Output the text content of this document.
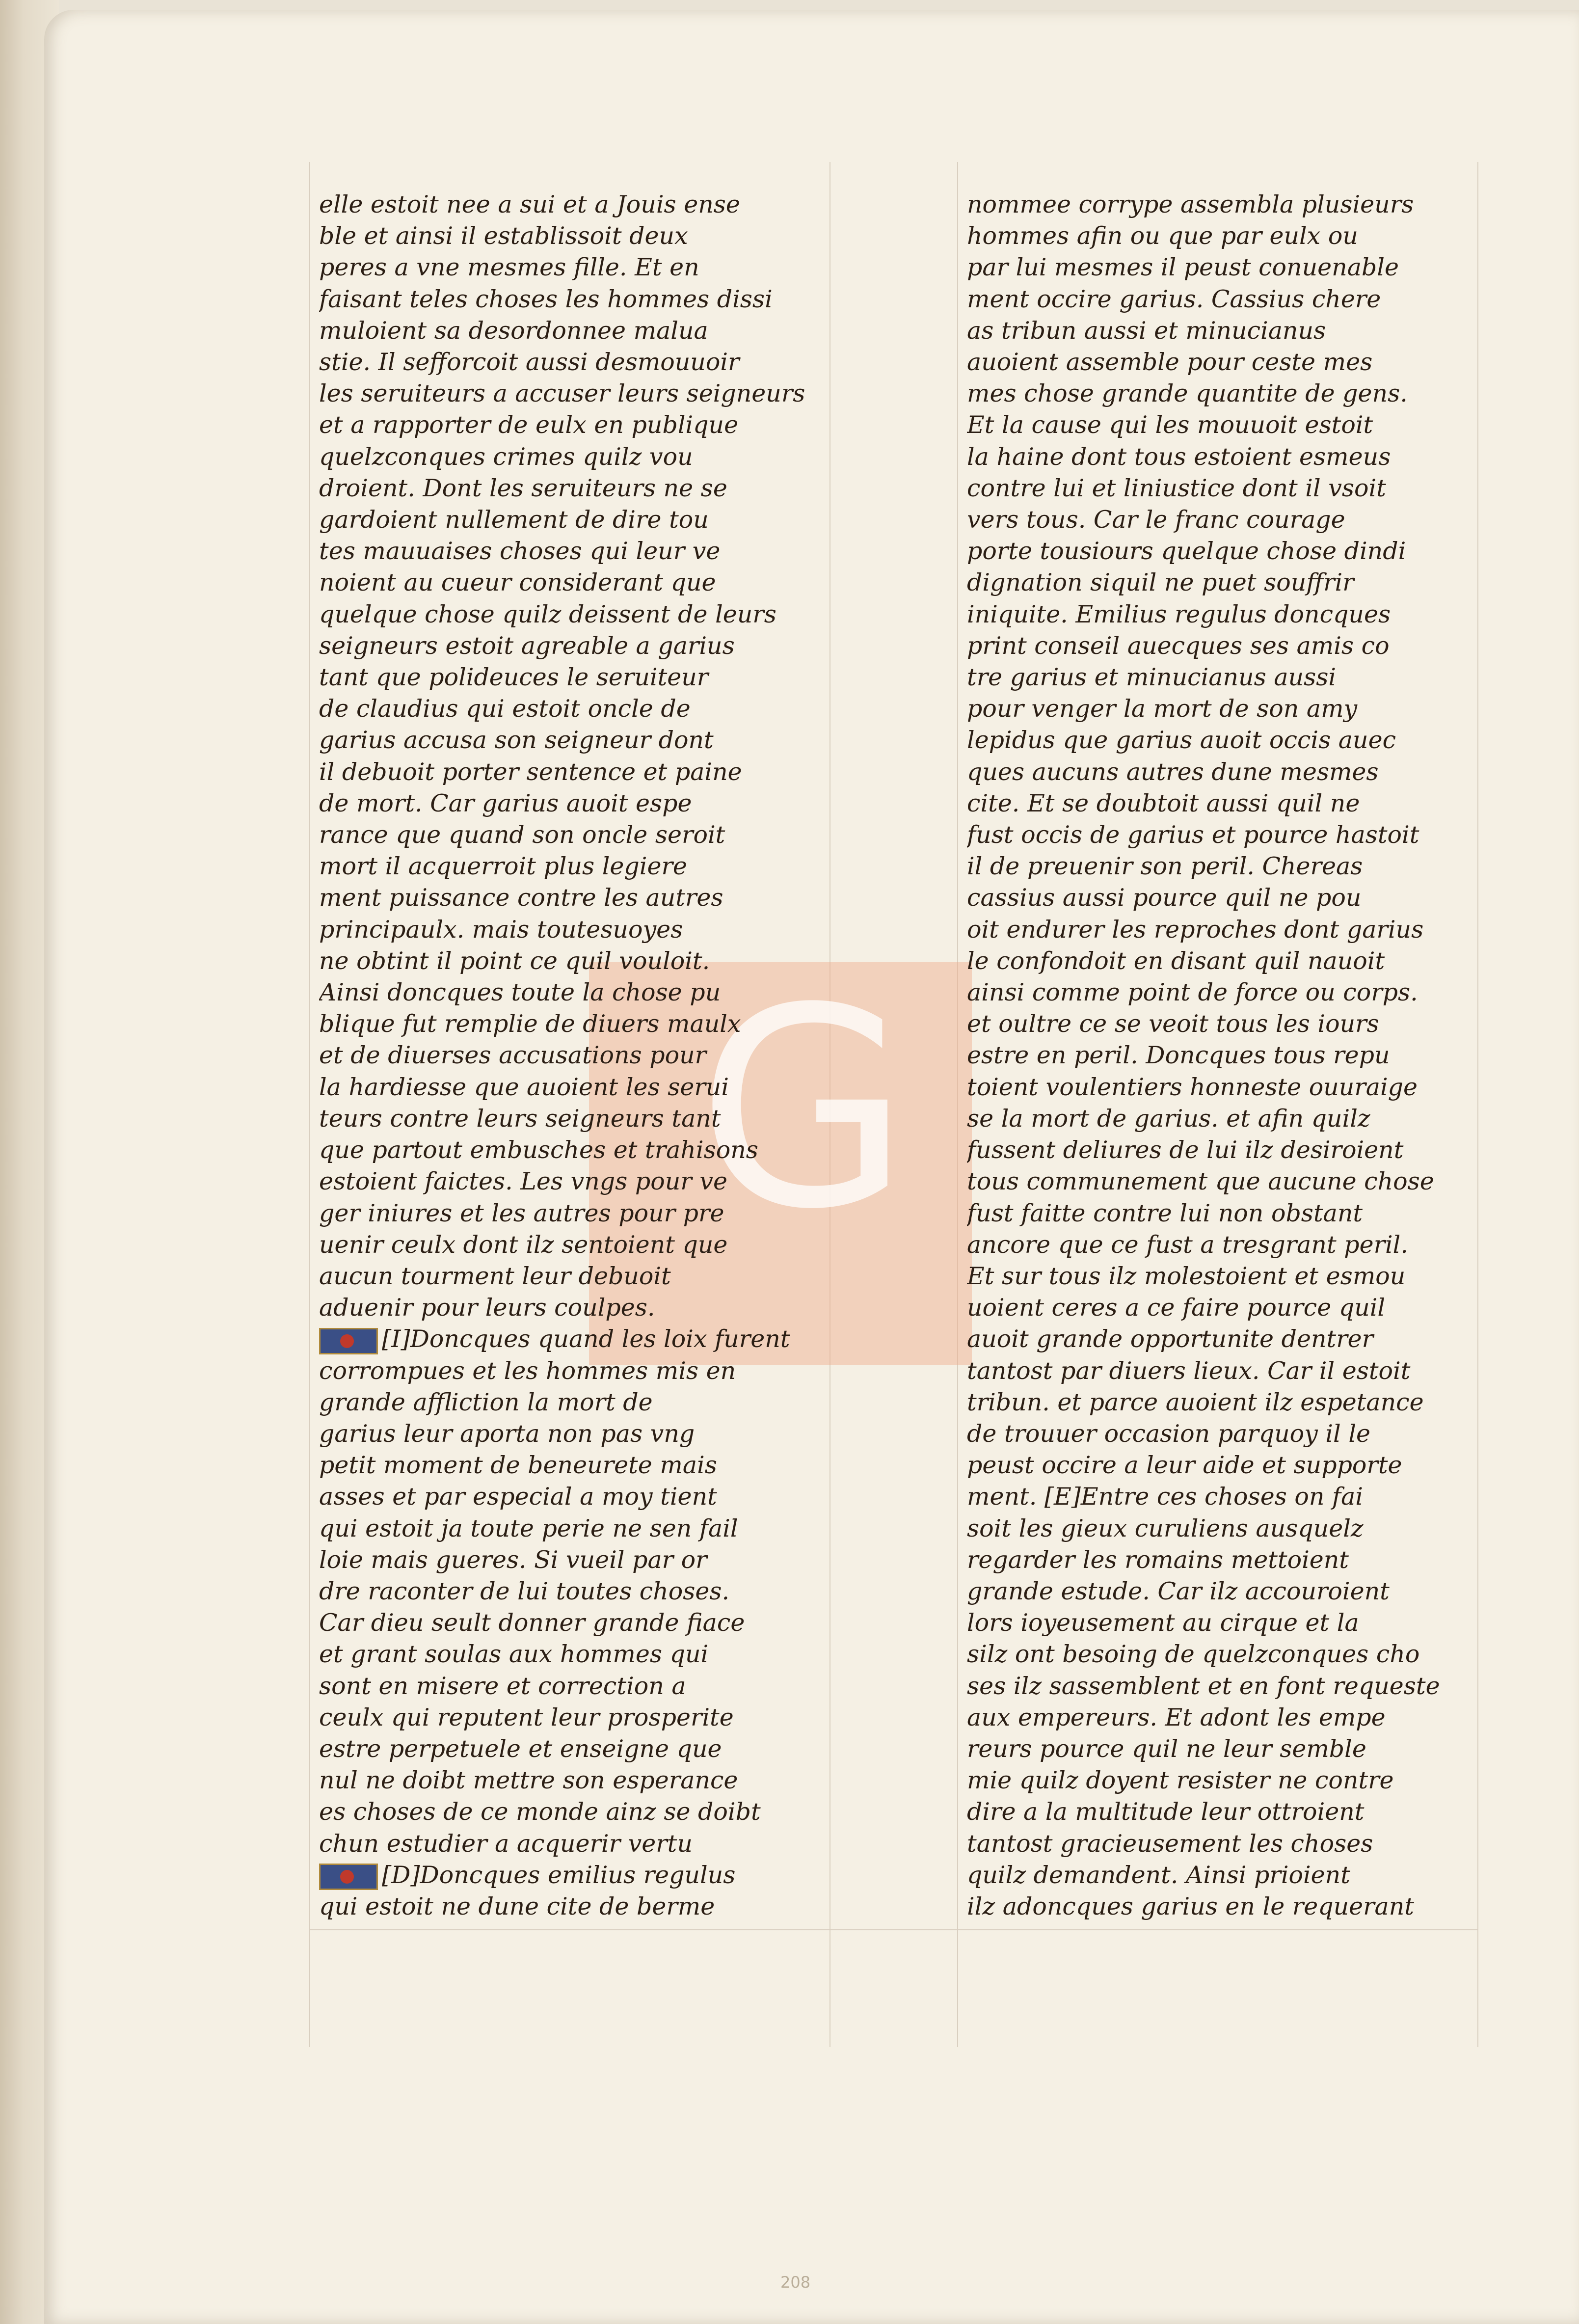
G
elle estoit nee a sui et a Jouis ense
ble et ainsi il establissoit deux
peres a vne mesmes fille. Et en
faisant teles choses les hommes dissi
muloient sa desordonnee malua
stie. Il sefforcoit aussi desmouuoir
les seruiteurs a accuser leurs seigneurs
et a rapporter de eulx en publique
quelzconques crimes quilz vou
droient. Dont les seruiteurs ne se
gardoient nullement de dire tou
tes mauuaises choses qui leur ve
noient au cueur considerant que
quelque chose quilz deissent de leurs
seigneurs estoit agreable a garius
tant que polideuces le seruiteur
de claudius qui estoit oncle de
garius accusa son seigneur dont
il debuoit porter sentence et paine
de mort. Car garius auoit espe
rance que quand son oncle seroit
mort il acquerroit plus legiere
ment puissance contre les autres
principaulx. mais toutesuoyes
ne obtint il point ce quil vouloit.
Ainsi doncques toute la chose pu
blique fut remplie de diuers maulx
et de diuerses accusations pour
la hardiesse que auoient les serui
teurs contre leurs seigneurs tant
que partout embusches et trahisons
estoient faictes. Les vngs pour ve
ger iniures et les autres pour pre
uenir ceulx dont ilz sentoient que
aucun tourment leur debuoit
aduenir pour leurs coulpes.
[I]Doncques quand les loix furent
corrompues et les hommes mis en
grande affliction la mort de
garius leur aporta non pas vng
petit moment de beneurete mais
asses et par especial a moy tient
qui estoit ja toute perie ne sen fail
loie mais gueres. Si vueil par or
dre raconter de lui toutes choses.
Car dieu seult donner grande fiace
et grant soulas aux hommes qui
sont en misere et correction a
ceulx qui reputent leur prosperite
estre perpetuele et enseigne que
nul ne doibt mettre son esperance
es choses de ce monde ainz se doibt
chun estudier a acquerir vertu
[D]Doncques emilius regulus
qui estoit ne dune cite de berme
nommee corrype assembla plusieurs
hommes afin ou que par eulx ou
par lui mesmes il peust conuenable
ment occire garius. Cassius chere
as tribun aussi et minucianus
auoient assemble pour ceste mes
mes chose grande quantite de gens.
Et la cause qui les mouuoit estoit
la haine dont tous estoient esmeus
contre lui et liniustice dont il vsoit
vers tous. Car le franc courage
porte tousiours quelque chose dindi
dignation siquil ne puet souffrir
iniquite. Emilius regulus doncques
print conseil auecques ses amis co
tre garius et minucianus aussi
pour venger la mort de son amy
lepidus que garius auoit occis auec
ques aucuns autres dune mesmes
cite. Et se doubtoit aussi quil ne
fust occis de garius et pource hastoit
il de preuenir son peril. Chereas
cassius aussi pource quil ne pou
oit endurer les reproches dont garius
le confondoit en disant quil nauoit
ainsi comme point de force ou corps.
et oultre ce se veoit tous les iours
estre en peril. Doncques tous repu
toient voulentiers honneste ouuraige
se la mort de garius. et afin quilz
fussent deliures de lui ilz desiroient
tous communement que aucune chose
fust faitte contre lui non obstant
ancore que ce fust a tresgrant peril.
Et sur tous ilz molestoient et esmou
uoient ceres a ce faire pource quil
auoit grande opportunite dentrer
tantost par diuers lieux. Car il estoit
tribun. et parce auoient ilz espetance
de trouuer occasion parquoy il le
peust occire a leur aide et supporte
ment. [E]Entre ces choses on fai
soit les gieux curuliens ausquelz
regarder les romains mettoient
grande estude. Car ilz accouroient
lors ioyeusement au cirque et la
silz ont besoing de quelzconques cho
ses ilz sassemblent et en font requeste
aux empereurs. Et adont les empe
reurs pource quil ne leur semble
mie quilz doyent resister ne contre
dire a la multitude leur ottroient
tantost gracieusement les choses
quilz demandent. Ainsi prioient
ilz adoncques garius en le requerant
208
